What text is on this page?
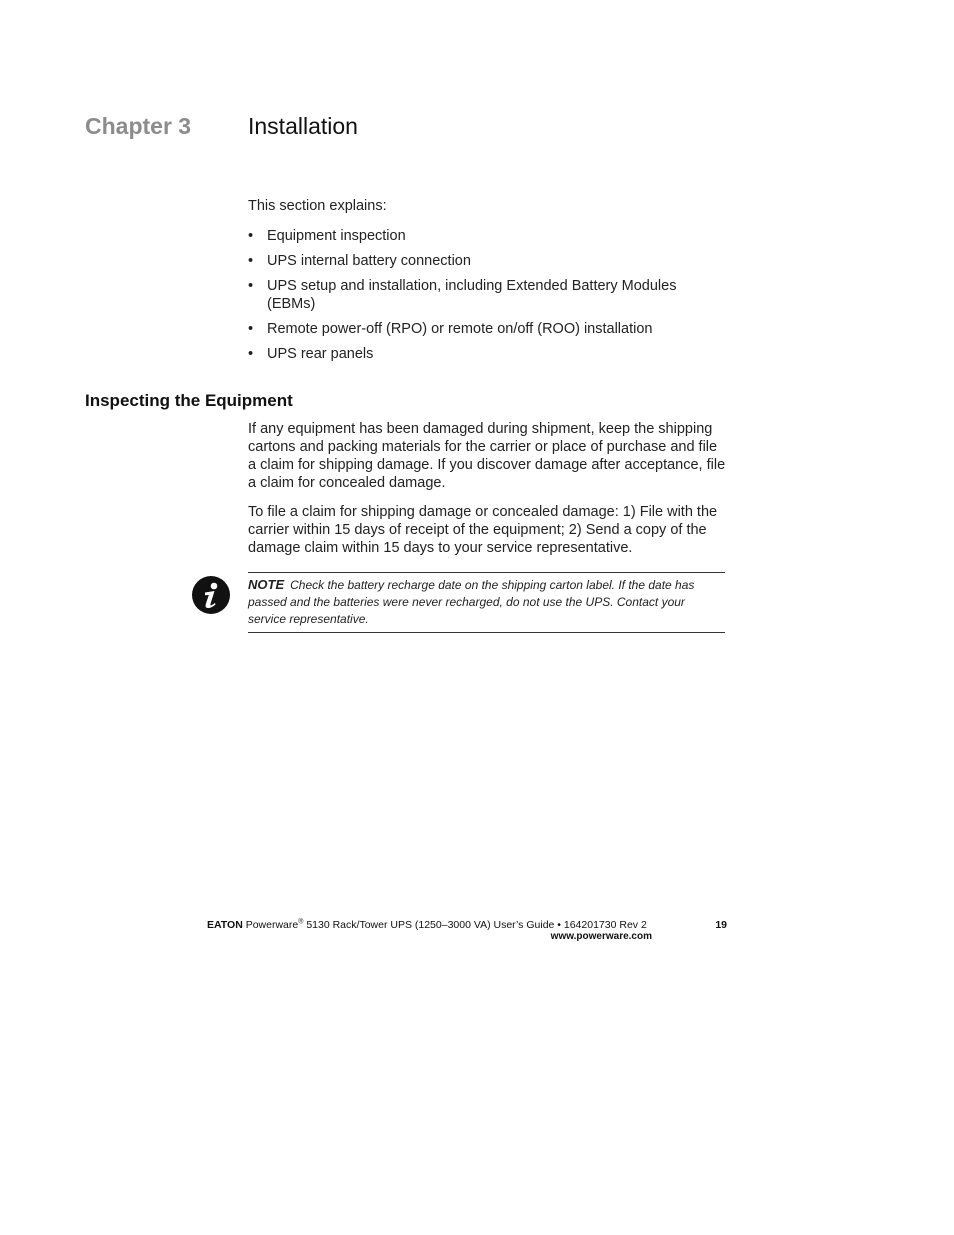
Chapter 3 Installation
This section explains:
• Equipment inspection
• UPS internal battery connection
• UPS setup and installation, including Extended Battery Modules (EBMs)
• Remote power-off (RPO) or remote on/off (ROO) installation
• UPS rear panels
Inspecting the Equipment
If any equipment has been damaged during shipment, keep the shipping cartons and packing materials for the carrier or place of purchase and file a claim for shipping damage. If you discover damage after acceptance, file a claim for concealed damage.
To file a claim for shipping damage or concealed damage: 1) File with the carrier within 15 days of receipt of the equipment; 2) Send a copy of the damage claim within 15 days to your service representative.
NOTE Check the battery recharge date on the shipping carton label. If the date has passed and the batteries were never recharged, do not use the UPS. Contact your service representative.
EATON Powerware® 5130 Rack/Tower UPS (1250–3000 VA) User’s Guide • 164201730 Rev 2
www.powerware.com
19
